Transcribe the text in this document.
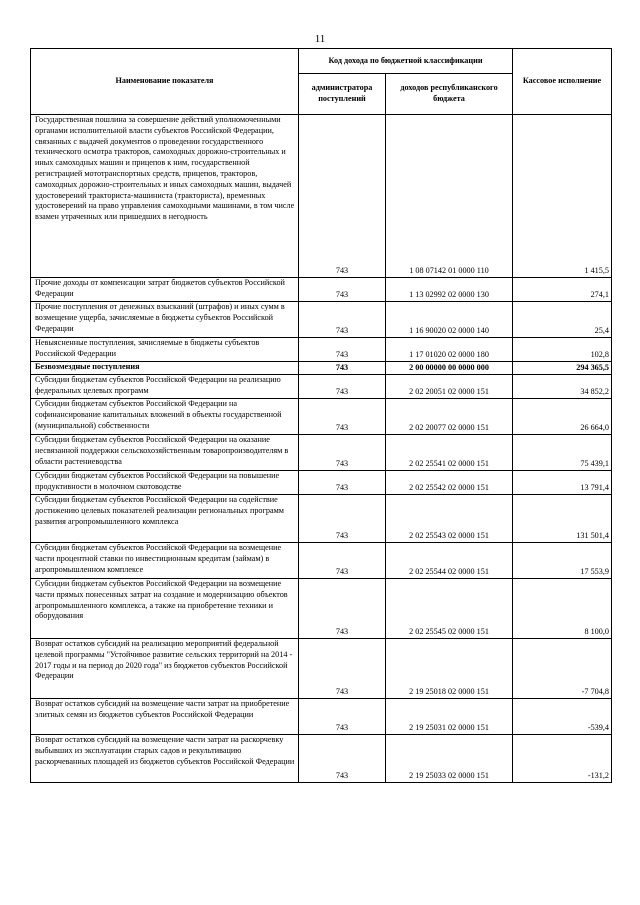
11
Наименование показателя	Код дохода по бюджетной классификации		Кассовое исполнение
	администратора поступлений	доходов республиканского бюджета	
Государственная пошлина за совершение действий уполномоченными органами исполнительной власти субъектов Российской Федерации, связанных с выдачей документов о проведении государственного технического осмотра тракторов, самоходных дорожно-строительных и иных самоходных машин и прицепов к ним, государственной регистрацией мототранспортных средств, прицепов, тракторов, самоходных дорожно-строительных и иных самоходных машин, выдачей удостоверений тракториста-машиниста (тракториста), временных удостоверений на право управления самоходными машинами, в том числе взамен утраченных или пришедших в негодность	743	1 08 07142 01 0000 110	1 415,5
Прочие доходы от компенсации затрат бюджетов субъектов Российской Федерации	743	1 13 02992 02 0000 130	274,1
Прочие поступления от денежных взысканий (штрафов) и иных сумм в возмещение ущерба, зачисляемые в бюджеты субъектов Российской Федерации	743	1 16 90020 02 0000 140	25,4
Невыясненные поступления, зачисляемые в бюджеты субъектов Российской Федерации	743	1 17 01020 02 0000 180	102,8
Безвозмездные поступления	743	2 00 00000 00 0000 000	294 365,5
Субсидии бюджетам субъектов Российской Федерации на реализацию федеральных целевых программ	743	2 02 20051 02 0000 151	34 852,2
Субсидии бюджетам субъектов Российской Федерации на софинансирование капитальных вложений в объекты государственной (муниципальной) собственности	743	2 02 20077 02 0000 151	26 664,0
Субсидии бюджетам субъектов Российской Федерации на оказание несвязанной поддержки сельскохозяйственным товаропроизводителям в области растениеводства	743	2 02 25541 02 0000 151	75 439,1
Субсидии бюджетам субъектов Российской Федерации на повышение продуктивности в молочном скотоводстве	743	2 02 25542 02 0000 151	13 791,4
Субсидии бюджетам субъектов Российской Федерации на содействие достижению целевых показателей реализации региональных программ развития агропромышленного комплекса	743	2 02 25543 02 0000 151	131 501,4
Субсидии бюджетам субъектов Российской Федерации на возмещение части процентной ставки по инвестиционным кредитам (займам) в агропромышленном комплексе	743	2 02 25544 02 0000 151	17 553,9
Субсидии бюджетам субъектов Российской Федерации на возмещение части прямых понесенных затрат на создание и модернизацию объектов агропромышленного комплекса, а также на приобретение техники и оборудования	743	2 02 25545 02 0000 151	8 100,0
Возврат остатков субсидий на реализацию мероприятий федеральной целевой программы "Устойчивое развитие сельских территорий на 2014 - 2017 годы и на период до 2020 года" из бюджетов субъектов Российской Федерации	743	2 19 25018 02 0000 151	-7 704,8
Возврат остатков субсидий на возмещение части затрат на приобретение элитных семян из бюджетов субъектов Российской Федерации	743	2 19 25031 02 0000 151	-539,4
Возврат остатков субсидий на возмещение части затрат на раскорчевку выбывших из эксплуатации старых садов и рекультивацию раскорчеванных площадей из бюджетов субъектов Российской Федерации	743	2 19 25033 02 0000 151	-131,2
